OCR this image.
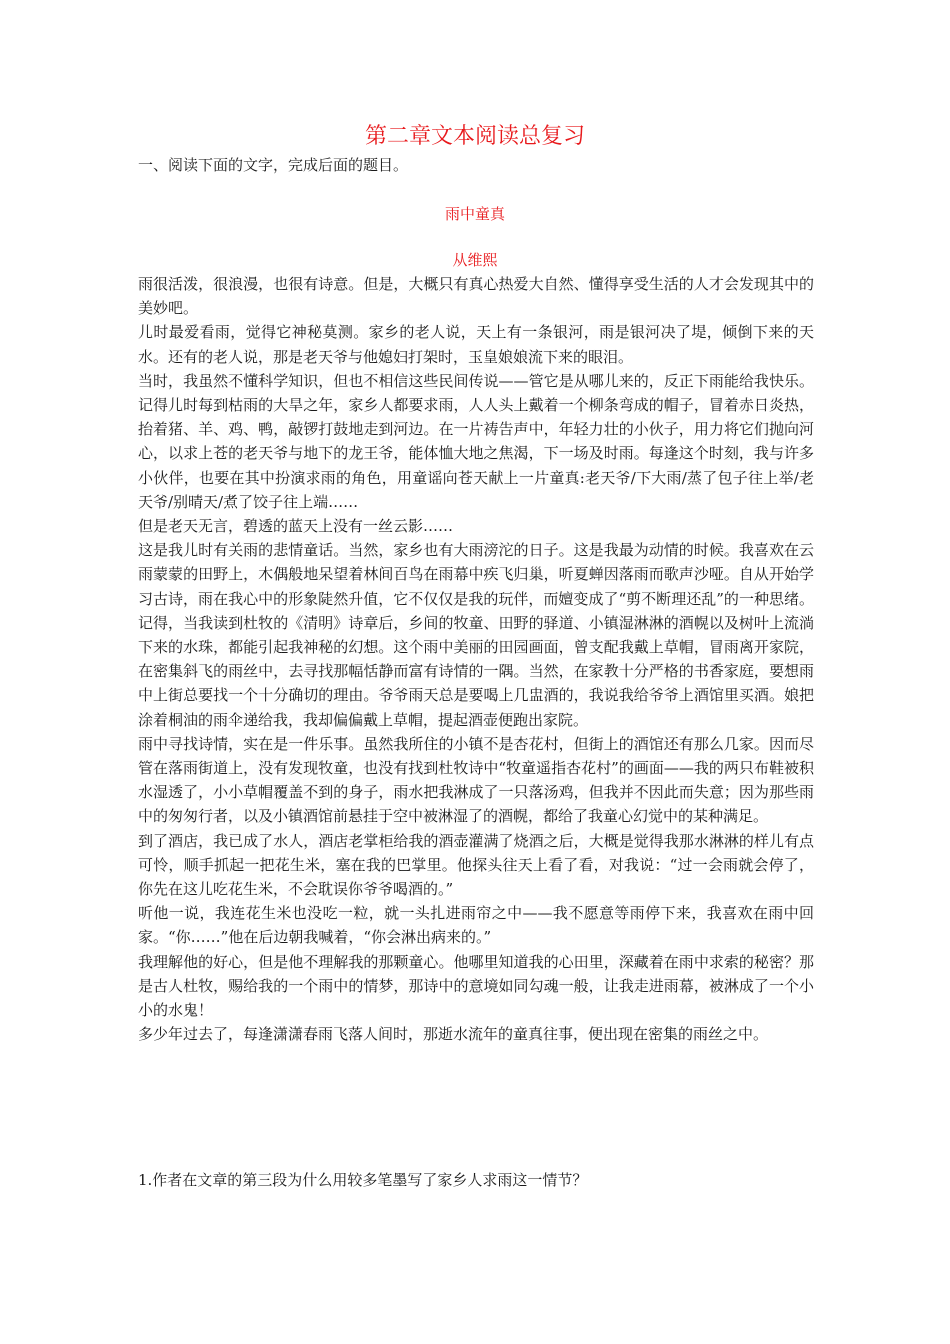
第二章文本阅读总复习

一、阅读下面的文字，完成后面的题目。

雨中童真

从维熙

雨很活泼，很浪漫，也很有诗意。但是，大概只有真心热爱大自然、懂得享受生活的人才会发现其中的美妙吧。

儿时最爱看雨，觉得它神秘莫测。家乡的老人说，天上有一条银河，雨是银河决了堤，倾倒下来的天水。还有的老人说，那是老天爷与他媳妇打架时，玉皇娘娘流下来的眼泪。

当时，我虽然不懂科学知识，但也不相信这些民间传说——管它是从哪儿来的，反正下雨能给我快乐。记得儿时每到枯雨的大旱之年，家乡人都要求雨，人人头上戴着一个柳条弯成的帽子，冒着赤日炎热，抬着猪、羊、鸡、鸭，敲锣打鼓地走到河边。在一片祷告声中，年轻力壮的小伙子，用力将它们抛向河心，以求上苍的老天爷与地下的龙王爷，能体恤大地之焦渴，下一场及时雨。每逢这个时刻，我与许多小伙伴，也要在其中扮演求雨的角色，用童谣向苍天献上一片童真:老天爷/下大雨/蒸了包子往上举/老天爷/别晴天/煮了饺子往上端……

但是老天无言，碧透的蓝天上没有一丝云影……

这是我儿时有关雨的悲情童话。当然，家乡也有大雨滂沱的日子。这是我最为动情的时候。我喜欢在云雨蒙蒙的田野上，木偶般地呆望着林间百鸟在雨幕中疾飞归巢，听夏蝉因落雨而歌声沙哑。自从开始学习古诗，雨在我心中的形象陡然升值，它不仅仅是我的玩伴，而嬗变成了“剪不断理还乱”的一种思绪。记得，当我读到杜牧的《清明》诗章后，乡间的牧童、田野的驿道、小镇湿淋淋的酒幌以及树叶上流淌下来的水珠，都能引起我神秘的幻想。这个雨中美丽的田园画面，曾支配我戴上草帽，冒雨离开家院，在密集斜飞的雨丝中，去寻找那幅恬静而富有诗情的一隅。当然，在家教十分严格的书香家庭，要想雨中上街总要找一个十分确切的理由。爷爷雨天总是要喝上几盅酒的，我说我给爷爷上酒馆里买酒。娘把涂着桐油的雨伞递给我，我却偏偏戴上草帽，提起酒壶便跑出家院。

雨中寻找诗情，实在是一件乐事。虽然我所住的小镇不是杏花村，但街上的酒馆还有那么几家。因而尽管在落雨街道上，没有发现牧童，也没有找到杜牧诗中“牧童遥指杏花村”的画面——我的两只布鞋被积水湿透了，小小草帽覆盖不到的身子，雨水把我淋成了一只落汤鸡，但我并不因此而失意；因为那些雨中的匆匆行者，以及小镇酒馆前悬挂于空中被淋湿了的酒幌，都给了我童心幻觉中的某种满足。

到了酒店，我已成了水人，酒店老掌柜给我的酒壶灌满了烧酒之后，大概是觉得我那水淋淋的样儿有点可怜，顺手抓起一把花生米，塞在我的巴掌里。他探头往天上看了看，对我说：“过一会雨就会停了，你先在这儿吃花生米，不会耽误你爷爷喝酒的。”

听他一说，我连花生米也没吃一粒，就一头扎进雨帘之中——我不愿意等雨停下来，我喜欢在雨中回家。“你……”他在后边朝我喊着，“你会淋出病来的。”

我理解他的好心，但是他不理解我的那颗童心。他哪里知道我的心田里，深藏着在雨中求索的秘密？那是古人杜牧，赐给我的一个雨中的情梦，那诗中的意境如同勾魂一般，让我走进雨幕，被淋成了一个小小的水鬼！

多少年过去了，每逢潇潇春雨飞落人间时，那逝水流年的童真往事，便出现在密集的雨丝之中。

1.作者在文章的第三段为什么用较多笔墨写了家乡人求雨这一情节？
